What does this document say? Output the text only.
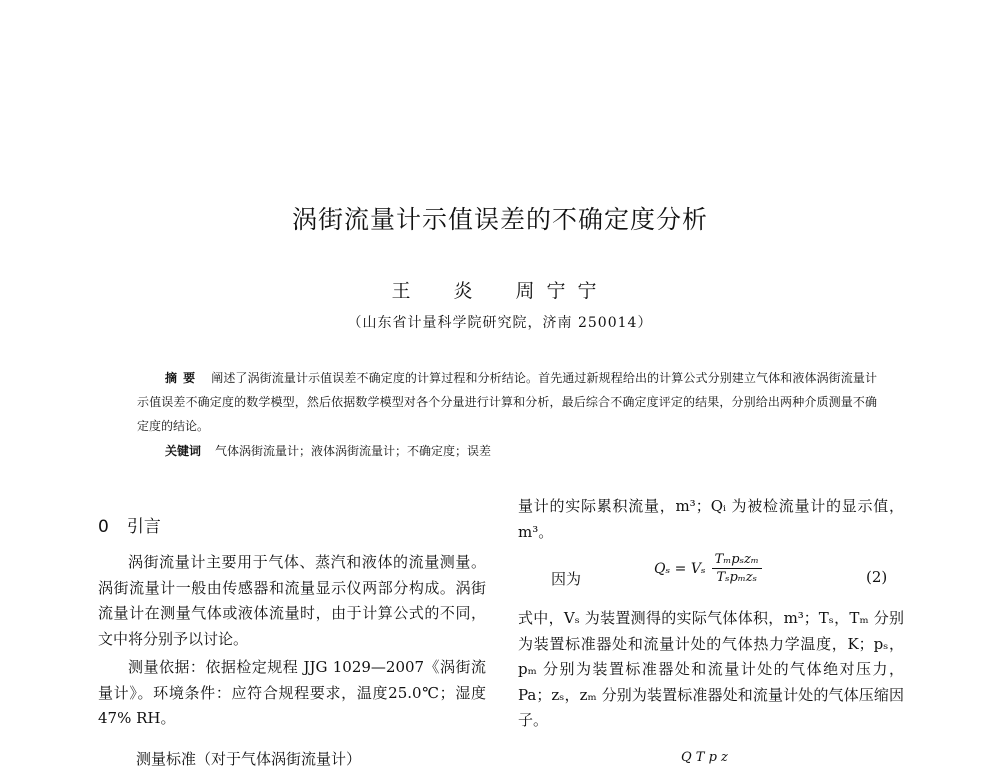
涡街流量计示值误差的不确定度分析
王　炎　周宁宁
（山东省计量科学院研究院，济南 250014）
摘要 阐述了涡街流量计示值误差不确定度的计算过程和分析结论。首先通过新规程给出的计算公式分别建立气体和液体涡街流量计示值误差不确定度的数学模型，然后依据数学模型对各个分量进行计算和分析，最后综合不确定度评定的结果，分别给出两种介质测量不确定度的结论。
关键词 气体涡街流量计；液体涡街流量计；不确定度；误差
0 引言

涡街流量计主要用于气体、蒸汽和液体的流量测量。涡街流量计一般由传感器和流量显示仪两部分构成。涡街流量计在测量气体或液体流量时，由于计算公式的不同，文中将分别予以讨论。

测量依据：依据检定规程 JJG 1029—2007《涡街流量计》。环境条件：应符合规程要求，温度25.0℃；湿度 47% RH。

测量标准（对于气体涡街流量计）
量计的实际累积流量，m³；Qᵢ 为被检流量计的显示值，m³。
因为
Qₛ = Vₛ $\frac{\text{Tₘpₛzₘ}}{\text{Tₛpₘzₛ}}$	(2)
式中，Vₛ 为装置测得的实际气体体积，m³；Tₛ，Tₘ 分别为装置标准器处和流量计处的气体热力学温度，K；pₛ，pₘ 分别为装置标准器处和流量计处的气体绝对压力，Pa；zₛ，zₘ 分别为装置标准器处和流量计处的气体压缩因子。
Q T p z
